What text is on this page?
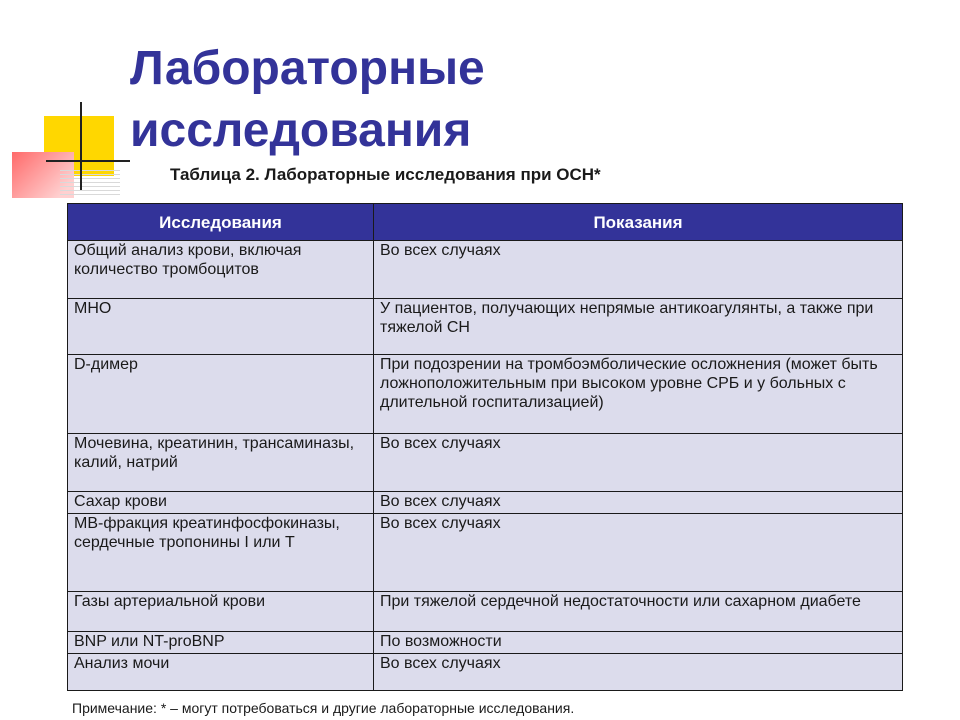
Лабораторные
исследования
Таблица 2. Лабораторные исследования при ОСН*
Исследования	Показания
Общий анализ крови, включая количество тромбоцитов	Во всех случаях
МНО	У пациентов, получающих непрямые антикоагулянты, а также при тяжелой СН
D-димер	При подозрении на тромбоэмболические осложнения (может быть ложноположительным при высоком уровне СРБ и у больных с длительной госпитализацией)
Мочевина, креатинин, трансаминазы, калий, натрий	Во всех случаях
Сахар крови	Во всех случаях
МВ-фракция креатинфосфокиназы, сердечные тропонины I или Т	Во всех случаях
Газы артериальной крови	При тяжелой сердечной недостаточности или сахарном диабете
BNP или NT-proBNP	По возможности
Анализ мочи	Во всех случаях
Примечание: * – могут потребоваться и другие лабораторные исследования.
